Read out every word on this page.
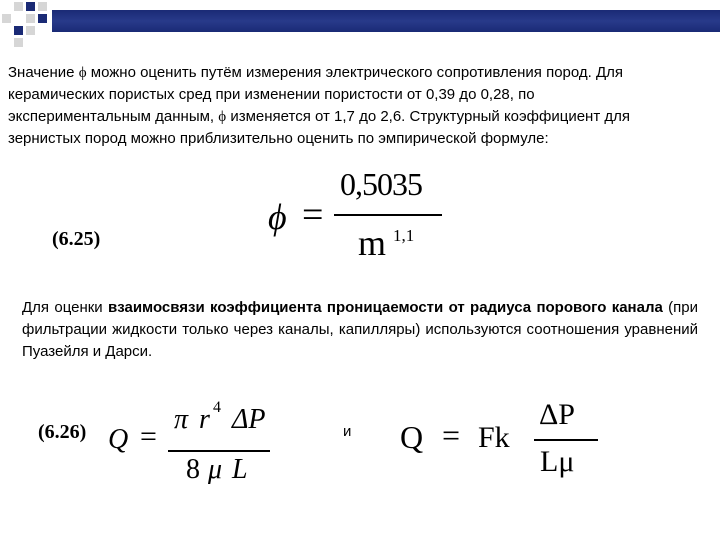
Значение ϕ можно оценить путём измерения электрического сопротивления пород. Для керамических пористых сред при изменении пористости от 0,39 до 0,28, по экспериментальным данным, ϕ изменяется от 1,7 до 2,6. Структурный коэффициент для зернистых пород можно приблизительно оценить по эмпирической формуле:

(6.25)
ϕ =
0,5035
m 1,1

Для оценки взаимосвязи коэффициента проницаемости от радиуса порового канала (при фильтрации жидкости только через каналы, капилляры) используются соотношения уравнений Пуазейля и Дарси.

(6.26) Q =
π r 4 ΔP
8 μ L
и Q = Fk
ΔP
Lμ
